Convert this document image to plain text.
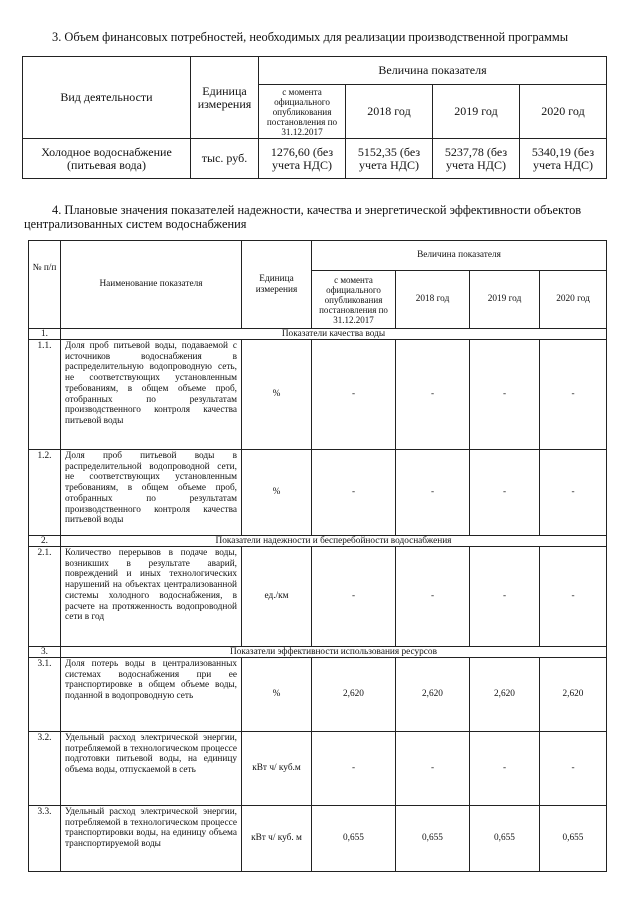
3. Объем финансовых потребностей, необходимых для реализации производственной программы
Вид деятельности	Единица измерения	Величина показателя			
		с момента официального опубликования постановления по 31.12.2017	2018 год	2019 год	2020 год
Холодное водоснабжение (питьевая вода)	тыс. руб.	1276,60 (без учета НДС)	5152,35 (без учета НДС)	5237,78 (без учета НДС)	5340,19 (без учета НДС)
4. Плановые значения показателей надежности, качества и энергетической эффективности объектов централизованных систем водоснабжения
№ п/п	Наименование показателя	Единица измерения	Величина показателя			
			с момента официального опубликования постановления по 31.12.2017	2018 год	2019 год	2020 год
1.	Показатели качества воды					
1.1.	Доля проб питьевой воды, подаваемой с источников водоснабжения в распределительную водопроводную сеть, не соответствующих установленным требованиям, в общем объеме проб, отобранных по результатам производственного контроля качества питьевой воды	%	-	-	-	-
1.2.	Доля проб питьевой воды в распределительной водопроводной сети, не соответствующих установленным требованиям, в общем объеме проб, отобранных по результатам производственного контроля качества питьевой воды	%	-	-	-	-
2.	Показатели надежности и бесперебойности водоснабжения					
2.1.	Количество перерывов в подаче воды, возникших в результате аварий, повреждений и иных технологических нарушений на объектах централизованной системы холодного водоснабжения, в расчете на протяженность водопроводной сети в год	ед./км	-	-	-	-
3.	Показатели эффективности использования ресурсов					
3.1.	Доля потерь воды в централизованных системах водоснабжения при ее транспортировке в общем объеме воды, поданной в водопроводную сеть	%	2,620	2,620	2,620	2,620
3.2.	Удельный расход электрической энергии, потребляемой в технологическом процессе подготовки питьевой воды, на единицу объема воды, отпускаемой в сеть	кВт ч/ куб.м	-	-	-	-
3.3.	Удельный расход электрической энергии, потребляемой в технологическом процессе транспортировки воды, на единицу объема транспортируемой воды	кВт ч/ куб. м	0,655	0,655	0,655	0,655
